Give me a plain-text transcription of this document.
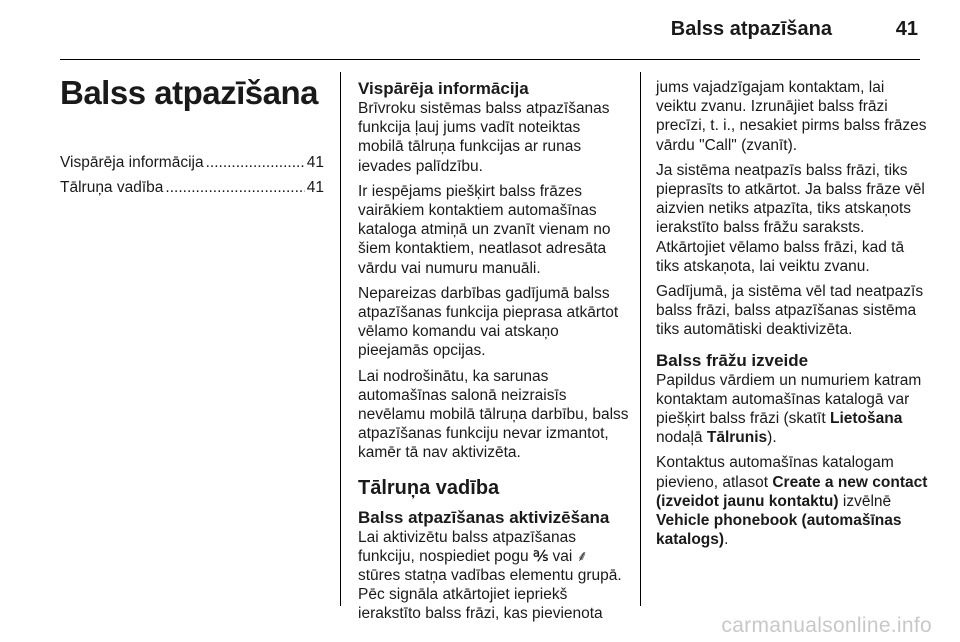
Balss atpazīšana	41
Balss atpazīšana
Vispārēja informācija .....	41
Tālruņa vadība .....	41
Vispārēja informācija

Brīvroku sistēmas balss atpazīšanas funkcija ļauj jums vadīt noteiktas mobilā tālruņa funkcijas ar runas ievades palīdzību.

Ir iespējams piešķirt balss frāzes vairākiem kontaktiem automašīnas kataloga atmiņā un zvanīt vienam no šiem kontaktiem, neatlasot adresāta vārdu vai numuru manuāli.

Nepareizas darbības gadījumā balss atpazīšanas funkcija pieprasa atkārtot vēlamo komandu vai atskaņo pieejamās opcijas.

Lai nodrošinātu, ka sarunas automašīnas salonā neizraisīs nevēlamu mobilā tālruņa darbību, balss atpazīšanas funkciju nevar izmantot, kamēr tā nav aktivizēta.

Tālruņa vadība
Balss atpazīšanas aktivizēšana

Lai aktivizētu balss atpazīšanas funkciju, nospiediet pogu ℁ vai ⸙ stūres statņa vadības elementu grupā. Pēc signāla atkārtojiet iepriekš ierakstīto balss frāzi, kas pievienota

jums vajadzīgajam kontaktam, lai veiktu zvanu. Izrunājiet balss frāzi precīzi, t. i., nesakiet pirms balss frāzes vārdu "Call" (zvanīt).

Ja sistēma neatpazīs balss frāzi, tiks pieprasīts to atkārtot. Ja balss frāze vēl aizvien netiks atpazīta, tiks atskaņots ierakstīto balss frāžu saraksts. Atkārtojiet vēlamo balss frāzi, kad tā tiks atskaņota, lai veiktu zvanu.

Gadījumā, ja sistēma vēl tad neatpazīs balss frāzi, balss atpazīšanas sistēma tiks automātiski deaktivizēta.

Balss frāžu izveide

Papildus vārdiem un numuriem katram kontaktam automašīnas katalogā var piešķirt balss frāzi (skatīt Lietošana nodaļā Tālrunis).

Kontaktus automašīnas katalogam pievieno, atlasot Create a new contact (izveidot jaunu kontaktu) izvēlnē Vehicle phonebook (automašīnas katalogs).

carmanualsonline.info
